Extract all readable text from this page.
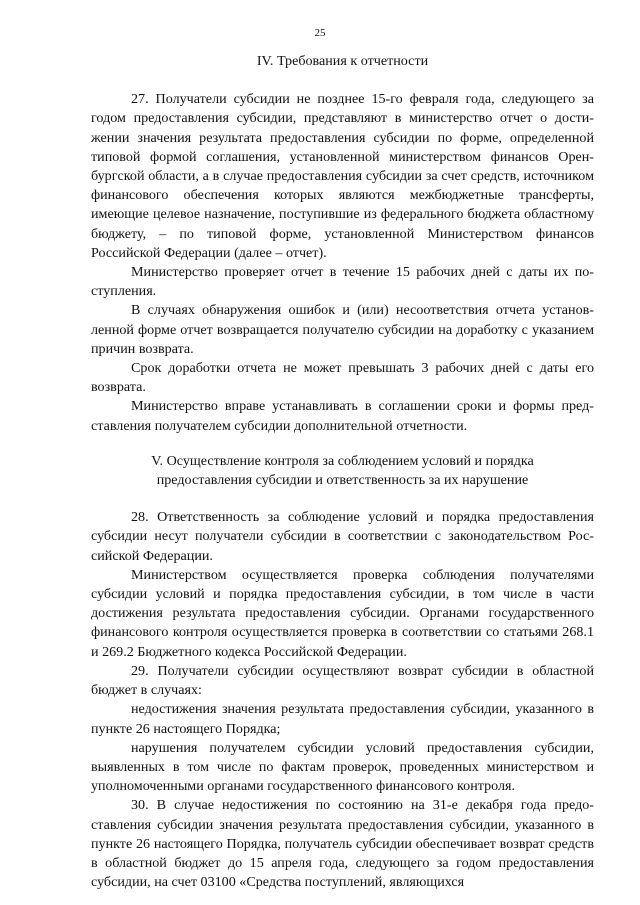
25
IV. Требования к отчетности

27. Получатели субсидии не позднее 15-го февраля года, следующего за годом предоставления субсидии, представляют в министерство отчет о достижении значения результата предоставления субсидии по форме, определенной типовой формой соглашения, установленной министерством финансов Оренбургской области, а в случае предоставления субсидии за счет средств, источником финансового обеспечения которых являются межбюджетные трансферты, имеющие целевое назначение, поступившие из федерального бюджета областному бюджету, – по типовой форме, установленной Министерством финансов Российской Федерации (далее – отчет).

Министерство проверяет отчет в течение 15 рабочих дней с даты их поступления.

В случаях обнаружения ошибок и (или) несоответствия отчета установленной форме отчет возвращается получателю субсидии на доработку с указанием причин возврата.

Срок доработки отчета не может превышать 3 рабочих дней с даты его возврата.

Министерство вправе устанавливать в соглашении сроки и формы представления получателем субсидии дополнительной отчетности.

V. Осуществление контроля за соблюдением условий и порядка предоставления субсидии и ответственность за их нарушение

28. Ответственность за соблюдение условий и порядка предоставления субсидии несут получатели субсидии в соответствии с законодательством Российской Федерации.

Министерством осуществляется проверка соблюдения получателями субсидии условий и порядка предоставления субсидии, в том числе в части достижения результата предоставления субсидии. Органами государственного финансового контроля осуществляется проверка в соответствии со статьями 268.1 и 269.2 Бюджетного кодекса Российской Федерации.

29. Получатели субсидии осуществляют возврат субсидии в областной бюджет в случаях:

недостижения значения результата предоставления субсидии, указанного в пункте 26 настоящего Порядка;

нарушения получателем субсидии условий предоставления субсидии, выявленных в том числе по фактам проверок, проведенных министерством и уполномоченными органами государственного финансового контроля.

30. В случае недостижения по состоянию на 31-е декабря года предоставления субсидии значения результата предоставления субсидии, указанного в пункте 26 настоящего Порядка, получатель субсидии обеспечивает возврат средств в областной бюджет до 15 апреля года, следующего за годом предоставления субсидии, на счет 03100 «Средства поступлений, являющихся
